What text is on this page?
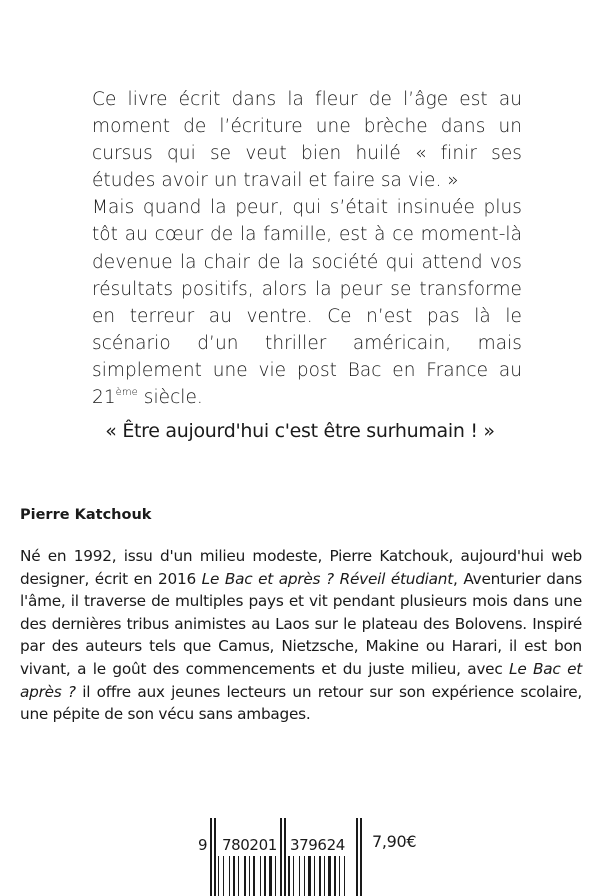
Ce livre écrit dans la fleur de l’âge est au moment de l’écriture une brèche dans un cursus qui se veut bien huilé « finir ses études avoir un travail et faire sa vie. »

Mais quand la peur, qui s’était insinuée plus tôt au cœur de la famille, est à ce moment-là devenue la chair de la société qui attend vos résultats positifs, alors la peur se transforme en terreur au ventre. Ce n’est pas là le scénario d’un thriller américain, mais simplement une vie post Bac en France au 21ème siècle.

« Être aujourd'hui c'est être surhumain ! »
Pierre Katchouk

Né en 1992, issu d'un milieu modeste, Pierre Katchouk, aujourd'hui web designer, écrit en 2016 Le Bac et après ? Réveil étudiant, Aventurier dans l'âme, il traverse de multiples pays et vit pendant plusieurs mois dans une des dernières tribus animistes au Laos sur le plateau des Bolovens. Inspiré par des auteurs tels que Camus, Nietzsche, Makine ou Harari, il est bon vivant, a le goût des commencements et du juste milieu, avec Le Bac et après ? il offre aux jeunes lecteurs un retour sur son expérience scolaire, une pépite de son vécu sans ambages.

9 780201 379624 7,90€
